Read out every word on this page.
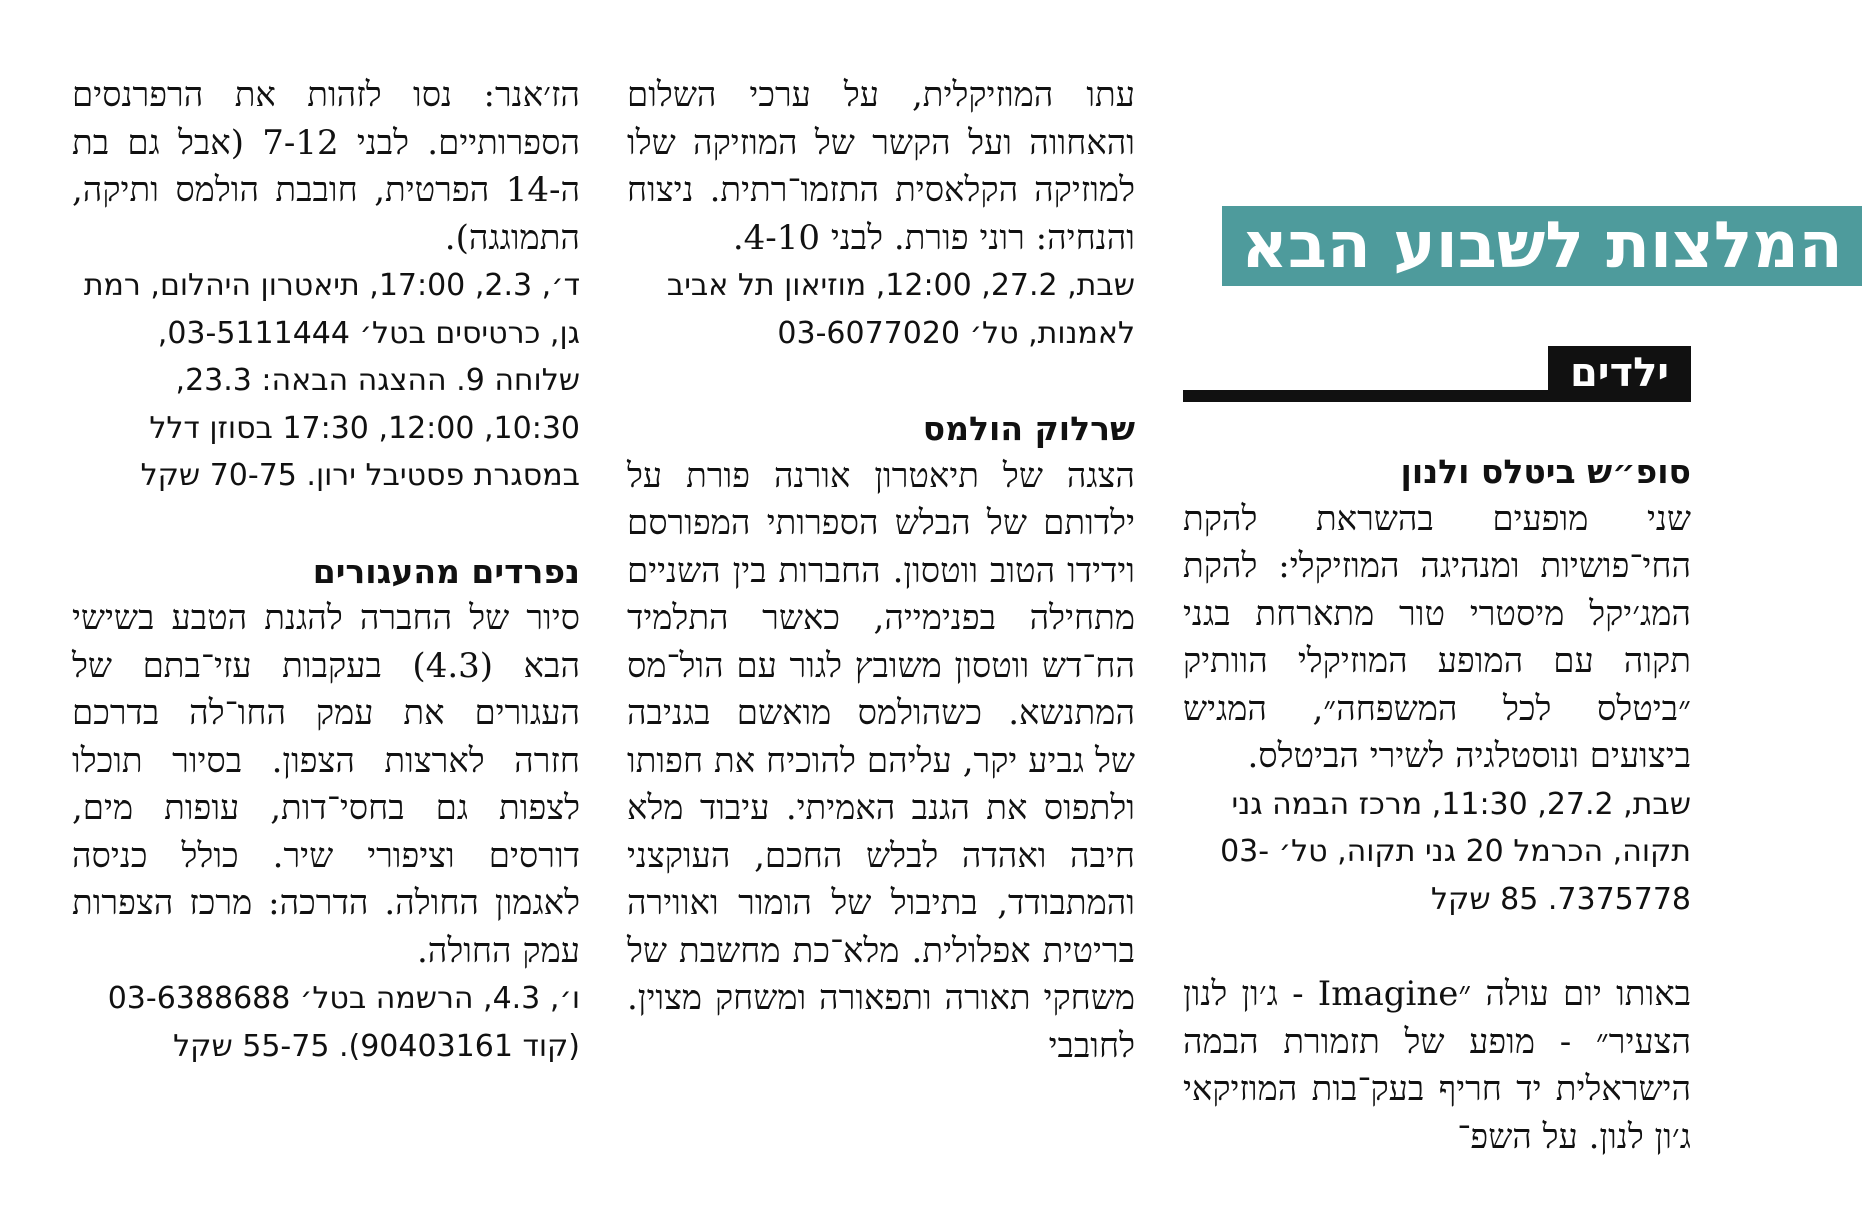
המלצות לשבוע הבא
ילדים

סופ״ש ביטלס ולנון

שני מופעים בהשראת להקת החי־פושיות ומנהיגה המוזיקלי: להקת המג׳יקל מיסטרי טור מתארחת בגני תקוה עם המופע המוזיקלי הוותיק ״ביטלס לכל המשפחה״, המגיש ביצועים ונוסטלגיה לשירי הביטלס.

שבת, 27.2, 11:30, מרכז הבמה גני תקוה, הכרמל 20 גני תקוה, טל׳ 03-7375778. 85 שקל

באותו יום עולה ״Imagine - ג׳ון לנון הצעיר״ - מופע של תזמורת הבמה הישראלית יד חריף בעק־בות המוזיקאי ג׳ון לנון. על השפ־

עתו המוזיקלית, על ערכי השלום והאחווה ועל הקשר של המוזיקה שלו למוזיקה הקלאסית התזמו־רתית. ניצוח והנחיה: רוני פורת. לבני 4-10.

שבת, 27.2, 12:00, מוזיאון תל אביב לאמנות, טל׳ 03-6077020

שרלוק הולמס

הצגה של תיאטרון אורנה פורת על ילדותם של הבלש הספרותי המפורסם וידידו הטוב ווטסון. החברות בין השניים מתחילה בפנימייה, כאשר התלמיד הח־דש ווטסון משובץ לגור עם הול־מס המתנשא. כשהולמס מואשם בגניבה של גביע יקר, עליהם להוכיח את חפותו ולתפוס את הגנב האמיתי. עיבוד מלא חיבה ואהדה לבלש החכם, העוקצני והמתבודד, בתיבול של הומור ואווירה בריטית אפלולית. מלא־כת מחשבת של משחקי תאורה ותפאורה ומשחק מצוין. לחובבי

הז׳אנר: נסו לזהות את הרפרנסים הספרותיים. לבני 7-12 (אבל גם בת ה-14 הפרטית, חובבת הולמס ותיקה, התמוגגה).

ד׳, 2.3, 17:00, תיאטרון היהלום, רמת גן, כרטיסים בטל׳ 03-5111444, שלוחה 9. ההצגה הבאה: 23.3, 10:30, 12:00, 17:30 בסוזן דלל במסגרת פסטיבל ירון. 70-75 שקל

נפרדים מהעגורים

סיור של החברה להגנת הטבע בשישי הבא (4.3) בעקבות עזי־בתם של העגורים את עמק החו־לה בדרכם חזרה לארצות הצפון. בסיור תוכלו לצפות גם בחסי־דות, עופות מים, דורסים וציפורי שיר. כולל כניסה לאגמון החולה. הדרכה: מרכז הצפרות עמק החולה.

ו׳, 4.3, הרשמה בטל׳ 03-6388688 (קוד 90403161). 55-75 שקל
